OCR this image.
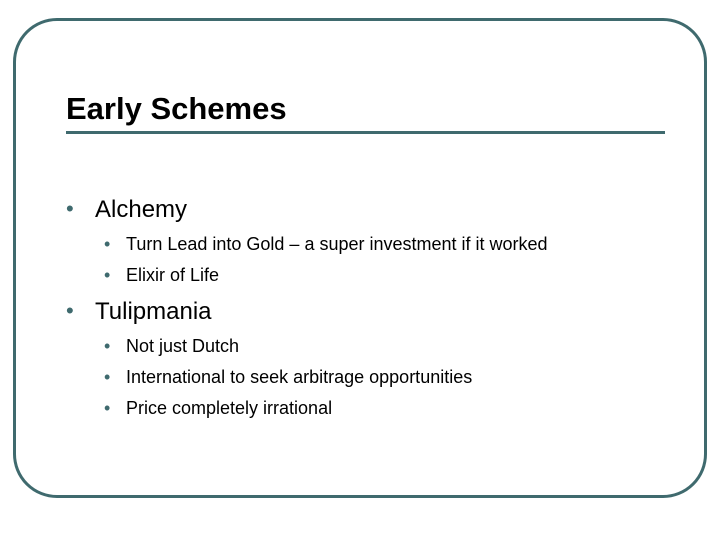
Early Schemes
• Alchemy
• Turn Lead into Gold – a super investment if it worked
• Elixir of Life
• Tulipmania
• Not just Dutch
• International to seek arbitrage opportunities
• Price completely irrational
